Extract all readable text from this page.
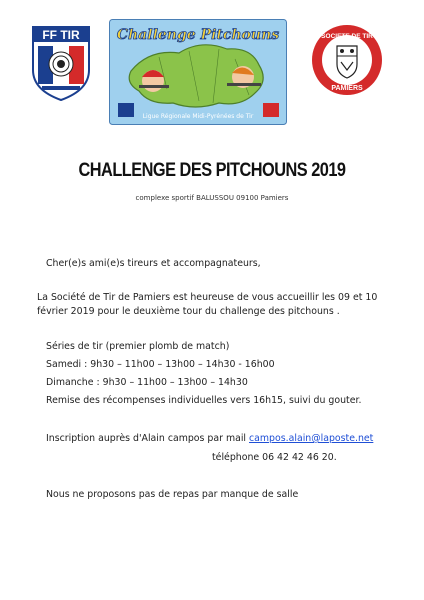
FF TIR	Challenge Pitchouns
Ligue Régionale Midi-Pyrénées de Tir
SOCIETE DE TIR
PAMIERS
CHALLENGE DES PITCHOUNS 2019
complexe sportif BALUSSOU 09100 Pamiers
Cher(e)s ami(e)s tireurs et accompagnateurs,
La Société de Tir de Pamiers est heureuse de vous accueillir les 09 et 10 février 2019 pour le deuxième tour du challenge des pitchouns .
Séries de tir (premier plomb de match)
Samedi : 9h30 – 11h00 – 13h00 – 14h30 - 16h00
Dimanche : 9h30 – 11h00 – 13h00 – 14h30
Remise des récompenses individuelles vers 16h15, suivi du gouter.
Inscription auprès d'Alain campos par mail campos.alain@laposte.net
téléphone 06 42 42 46 20.
Nous ne proposons pas de repas par manque de salle
